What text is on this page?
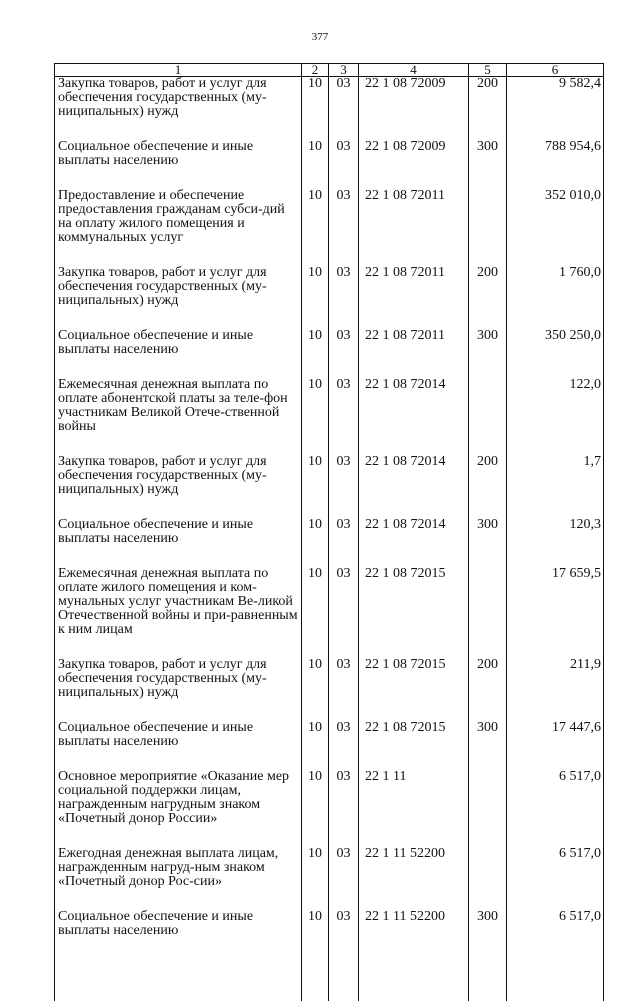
377
1	2	3	4	5	6
Закупка товаров, работ и услуг для обеспечения государственных (му-ниципальных) нужд	10	03	22 1 08 72009	200	9 582,4
Социальное обеспечение и иные выплаты населению	10	03	22 1 08 72009	300	788 954,6
Предоставление и обеспечение предоставления гражданам субси-дий на оплату жилого помещения и коммунальных услуг	10	03	22 1 08 72011		352 010,0
Закупка товаров, работ и услуг для обеспечения государственных (му-ниципальных) нужд	10	03	22 1 08 72011	200	1 760,0
Социальное обеспечение и иные выплаты населению	10	03	22 1 08 72011	300	350 250,0
Ежемесячная денежная выплата по оплате абонентской платы за теле-фон участникам Великой Отече-ственной войны	10	03	22 1 08 72014		122,0
Закупка товаров, работ и услуг для обеспечения государственных (му-ниципальных) нужд	10	03	22 1 08 72014	200	1,7
Социальное обеспечение и иные выплаты населению	10	03	22 1 08 72014	300	120,3
Ежемесячная денежная выплата по оплате жилого помещения и ком-мунальных услуг участникам Ве-ликой Отечественной войны и при-равненным к ним лицам	10	03	22 1 08 72015		17 659,5
Закупка товаров, работ и услуг для обеспечения государственных (му-ниципальных) нужд	10	03	22 1 08 72015	200	211,9
Социальное обеспечение и иные выплаты населению	10	03	22 1 08 72015	300	17 447,6
Основное мероприятие «Оказание мер социальной поддержки лицам, награжденным нагрудным знаком «Почетный донор России»	10	03	22 1 11		6 517,0
Ежегодная денежная выплата лицам, награжденным нагруд-ным знаком «Почетный донор Рос-сии»	10	03	22 1 11 52200		6 517,0
Социальное обеспечение и иные выплаты населению	10	03	22 1 11 52200	300	6 517,0
